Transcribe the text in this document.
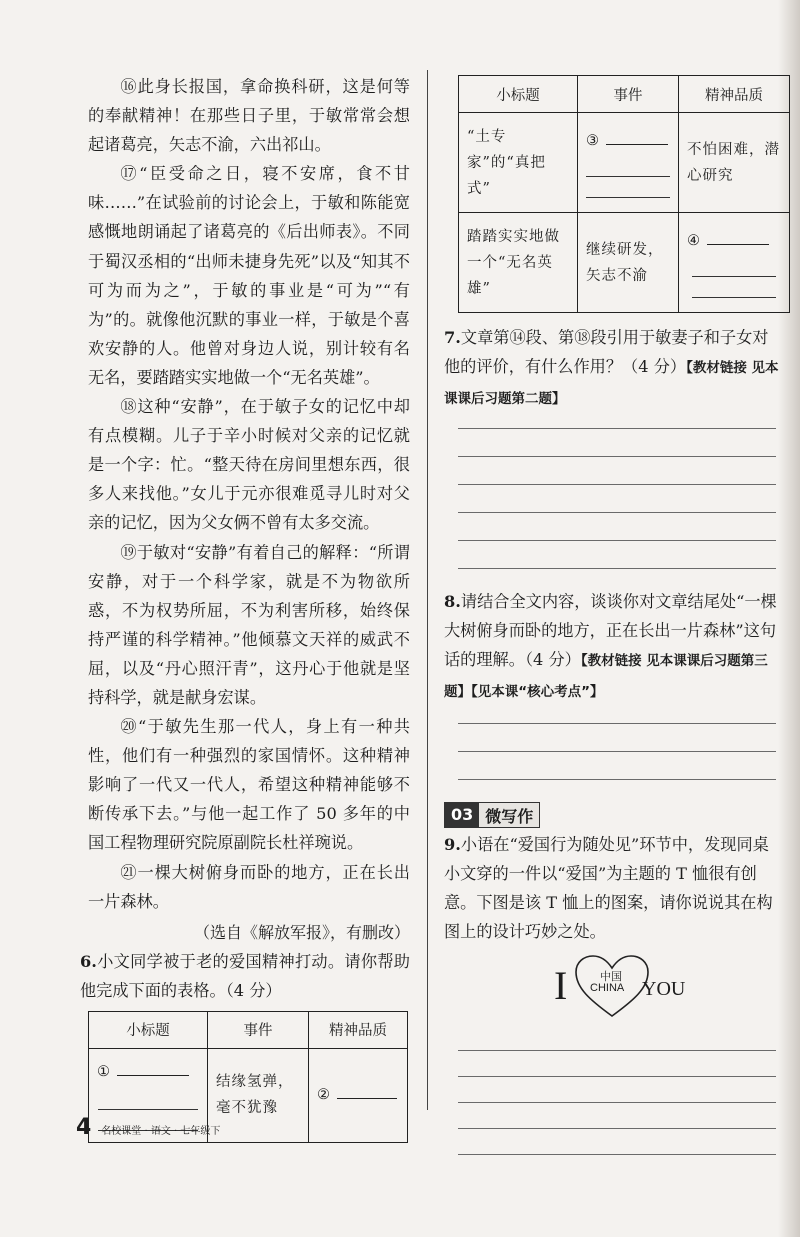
⑯此身长报国，拿命换科研，这是何等的奉献精神！在那些日子里，于敏常常会想起诸葛亮，矢志不渝，六出祁山。

⑰“臣受命之日，寝不安席，食不甘味……”在试验前的讨论会上，于敏和陈能宽感慨地朗诵起了诸葛亮的《后出师表》。不同于蜀汉丞相的“出师未捷身先死”以及“知其不可为而为之”，于敏的事业是“可为”“有为”的。就像他沉默的事业一样，于敏是个喜欢安静的人。他曾对身边人说，别计较有名无名，要踏踏实实地做一个“无名英雄”。

⑱这种“安静”，在于敏子女的记忆中却有点模糊。儿子于辛小时候对父亲的记忆就是一个字：忙。“整天待在房间里想东西，很多人来找他。”女儿于元亦很难觅寻儿时对父亲的记忆，因为父女俩不曾有太多交流。

⑲于敏对“安静”有着自己的解释：“所谓安静，对于一个科学家，就是不为物欲所惑，不为权势所屈，不为利害所移，始终保持严谨的科学精神。”他倾慕文天祥的威武不屈，以及“丹心照汗青”，这丹心于他就是坚持科学，就是献身宏谋。

⑳“于敏先生那一代人，身上有一种共性，他们有一种强烈的家国情怀。这种精神影响了一代又一代人，希望这种精神能够不断传承下去。”与他一起工作了 50 多年的中国工程物理研究院原副院长杜祥琬说。

㉑一棵大树俯身而卧的地方，正在长出一片森林。

（选自《解放军报》，有删改）

6.小文同学被于老的爱国精神打动。请你帮助他完成下面的表格。（4 分）

小标题	事件	精神品质

①	结缘氢弹，毫不犹豫	②
小标题	事件	精神品质

“土专家”的“真把式”	③	不怕困难，潜心研究

踏踏实实地做一个“无名英雄”	继续研发，矢志不渝	④

7.文章第⑭段、第⑱段引用于敏妻子和子女对他的评价，有什么作用？（4 分）【教材链接 见本课课后习题第二题】

8.请结合全文内容，谈谈你对文章结尾处“一棵大树俯身而卧的地方，正在长出一片森林”这句话的理解。（4 分）【教材链接 见本课课后习题第三题】【见本课“核心考点”】

03 微写作

9.小语在“爱国行为随处见”环节中，发现同桌小文穿的一件以“爱国”为主题的 T 恤很有创意。下图是该 T 恤上的图案，请你说说其在构图上的设计巧妙之处。

I	中国
CHINA YOU
4 名校课堂 · 语文 · 七年级下
